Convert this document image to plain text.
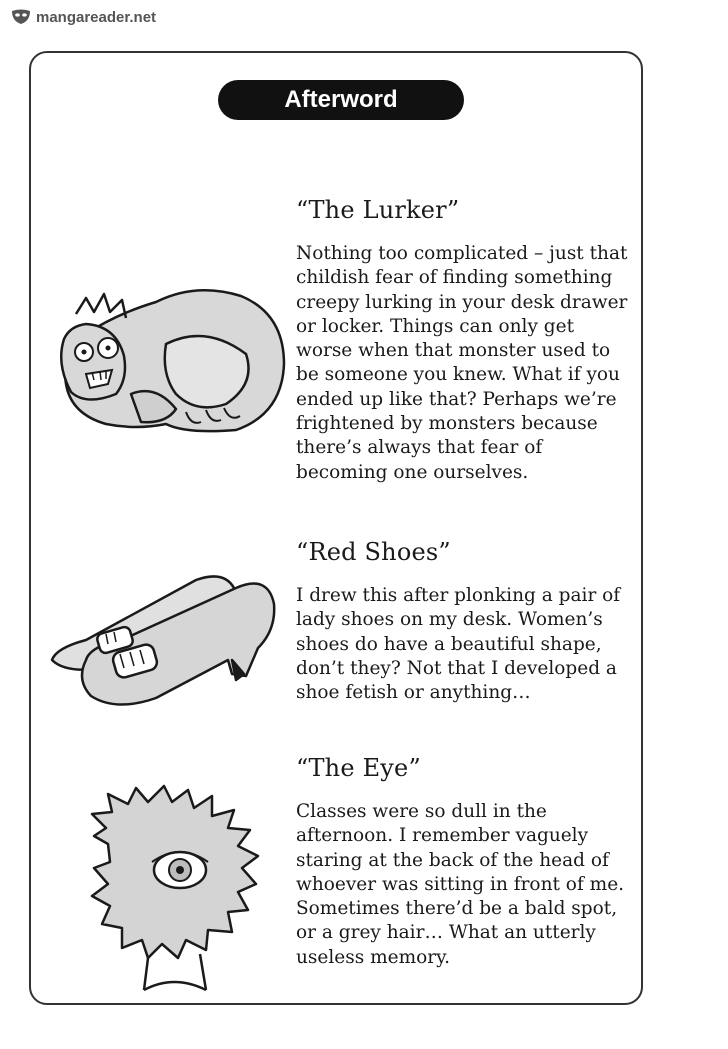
mangareader.net
Afterword
“The Lurker”

Nothing too complicated – just that childish fear of finding something creepy lurking in your desk drawer or locker. Things can only get worse when that monster used to be someone you knew. What if you ended up like that? Perhaps we’re frightened by monsters because there’s always that fear of becoming one ourselves.

“Red Shoes”

I drew this after plonking a pair of lady shoes on my desk. Women’s shoes do have a beautiful shape, don’t they? Not that I developed a shoe fetish or anything…

“The Eye”

Classes were so dull in the afternoon. I remember vaguely staring at the back of the head of whoever was sitting in front of me. Sometimes there’d be a bald spot, or a grey hair… What an utterly useless memory.
